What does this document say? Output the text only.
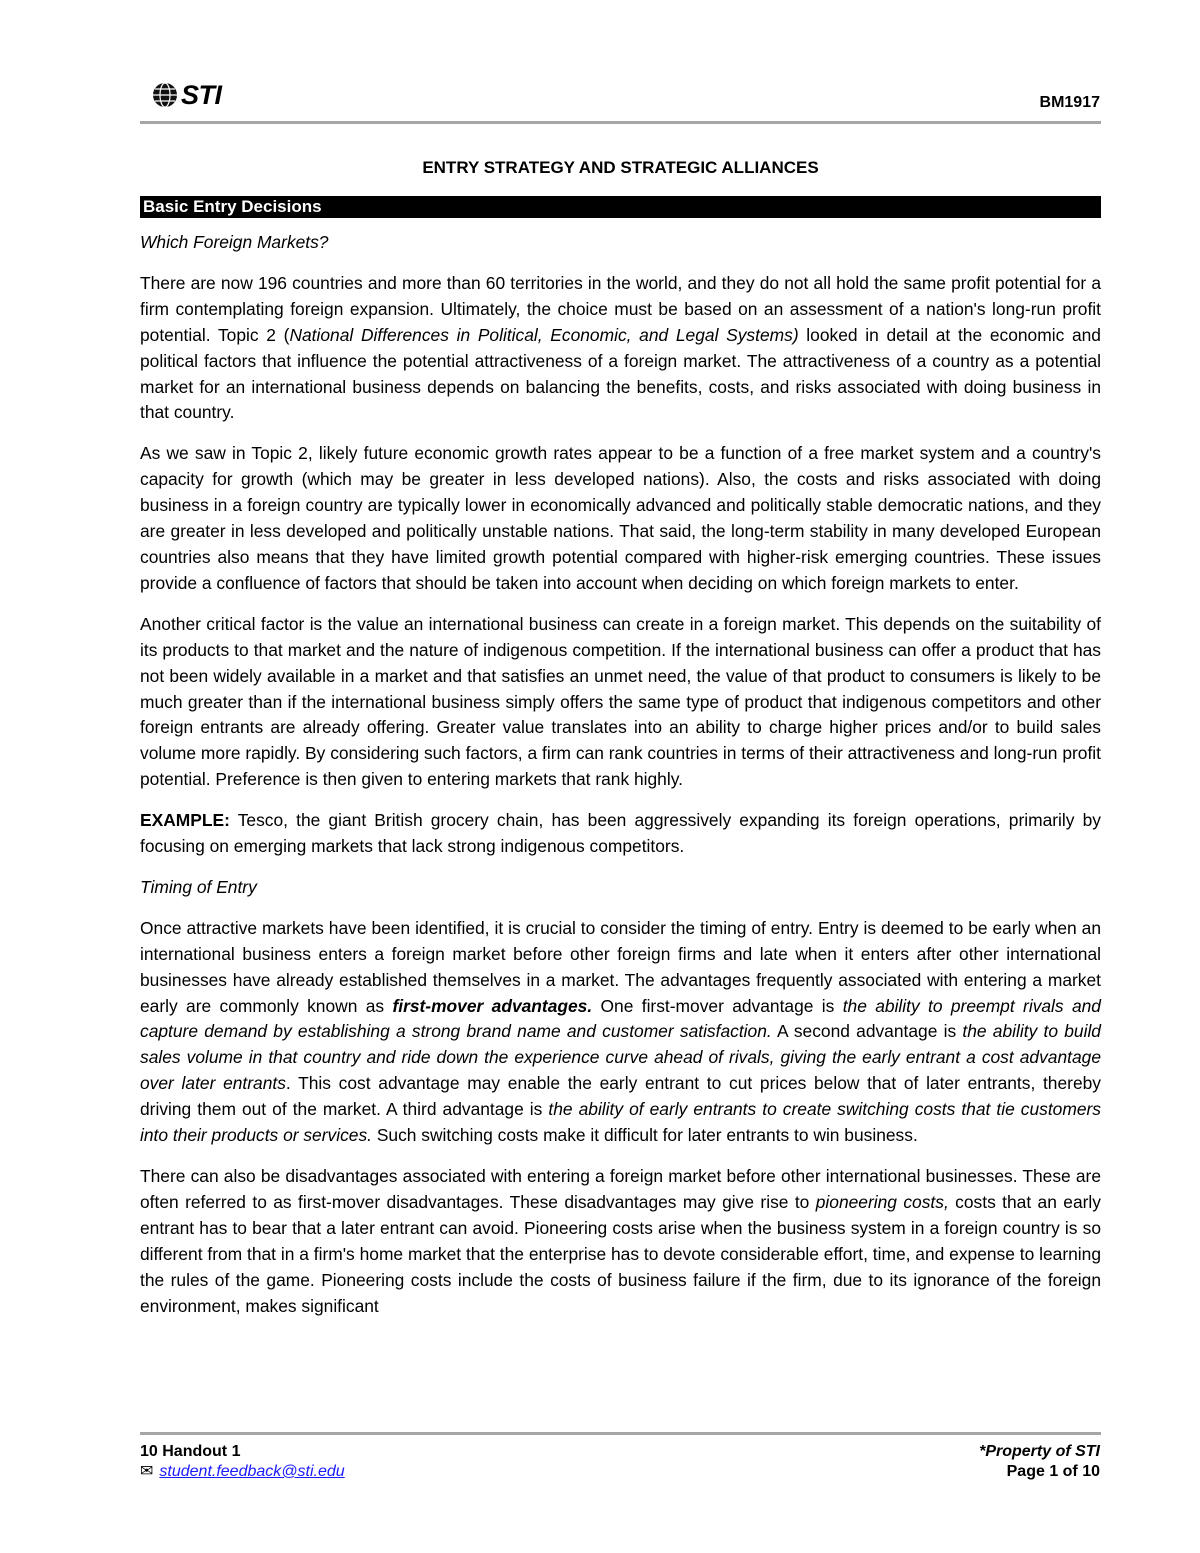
STI	BM1917
ENTRY STRATEGY AND STRATEGIC ALLIANCES
Basic Entry Decisions

Which Foreign Markets?

There are now 196 countries and more than 60 territories in the world, and they do not all hold the same profit potential for a firm contemplating foreign expansion. Ultimately, the choice must be based on an assessment of a nation's long-run profit potential. Topic 2 (National Differences in Political, Economic, and Legal Systems) looked in detail at the economic and political factors that influence the potential attractiveness of a foreign market. The attractiveness of a country as a potential market for an international business depends on balancing the benefits, costs, and risks associated with doing business in that country.

As we saw in Topic 2, likely future economic growth rates appear to be a function of a free market system and a country's capacity for growth (which may be greater in less developed nations). Also, the costs and risks associated with doing business in a foreign country are typically lower in economically advanced and politically stable democratic nations, and they are greater in less developed and politically unstable nations. That said, the long-term stability in many developed European countries also means that they have limited growth potential compared with higher-risk emerging countries. These issues provide a confluence of factors that should be taken into account when deciding on which foreign markets to enter.

Another critical factor is the value an international business can create in a foreign market. This depends on the suitability of its products to that market and the nature of indigenous competition. If the international business can offer a product that has not been widely available in a market and that satisfies an unmet need, the value of that product to consumers is likely to be much greater than if the international business simply offers the same type of product that indigenous competitors and other foreign entrants are already offering. Greater value translates into an ability to charge higher prices and/or to build sales volume more rapidly. By considering such factors, a firm can rank countries in terms of their attractiveness and long-run profit potential. Preference is then given to entering markets that rank highly.

EXAMPLE: Tesco, the giant British grocery chain, has been aggressively expanding its foreign operations, primarily by focusing on emerging markets that lack strong indigenous competitors.

Timing of Entry

Once attractive markets have been identified, it is crucial to consider the timing of entry. Entry is deemed to be early when an international business enters a foreign market before other foreign firms and late when it enters after other international businesses have already established themselves in a market. The advantages frequently associated with entering a market early are commonly known as first-mover advantages. One first-mover advantage is the ability to preempt rivals and capture demand by establishing a strong brand name and customer satisfaction. A second advantage is the ability to build sales volume in that country and ride down the experience curve ahead of rivals, giving the early entrant a cost advantage over later entrants. This cost advantage may enable the early entrant to cut prices below that of later entrants, thereby driving them out of the market. A third advantage is the ability of early entrants to create switching costs that tie customers into their products or services. Such switching costs make it difficult for later entrants to win business.

There can also be disadvantages associated with entering a foreign market before other international businesses. These are often referred to as first-mover disadvantages. These disadvantages may give rise to pioneering costs, costs that an early entrant has to bear that a later entrant can avoid. Pioneering costs arise when the business system in a foreign country is so different from that in a firm's home market that the enterprise has to devote considerable effort, time, and expense to learning the rules of the game. Pioneering costs include the costs of business failure if the firm, due to its ignorance of the foreign environment, makes significant

10 Handout 1
✉ student.feedback@sti.edu
*Property of STI
Page 1 of 10
